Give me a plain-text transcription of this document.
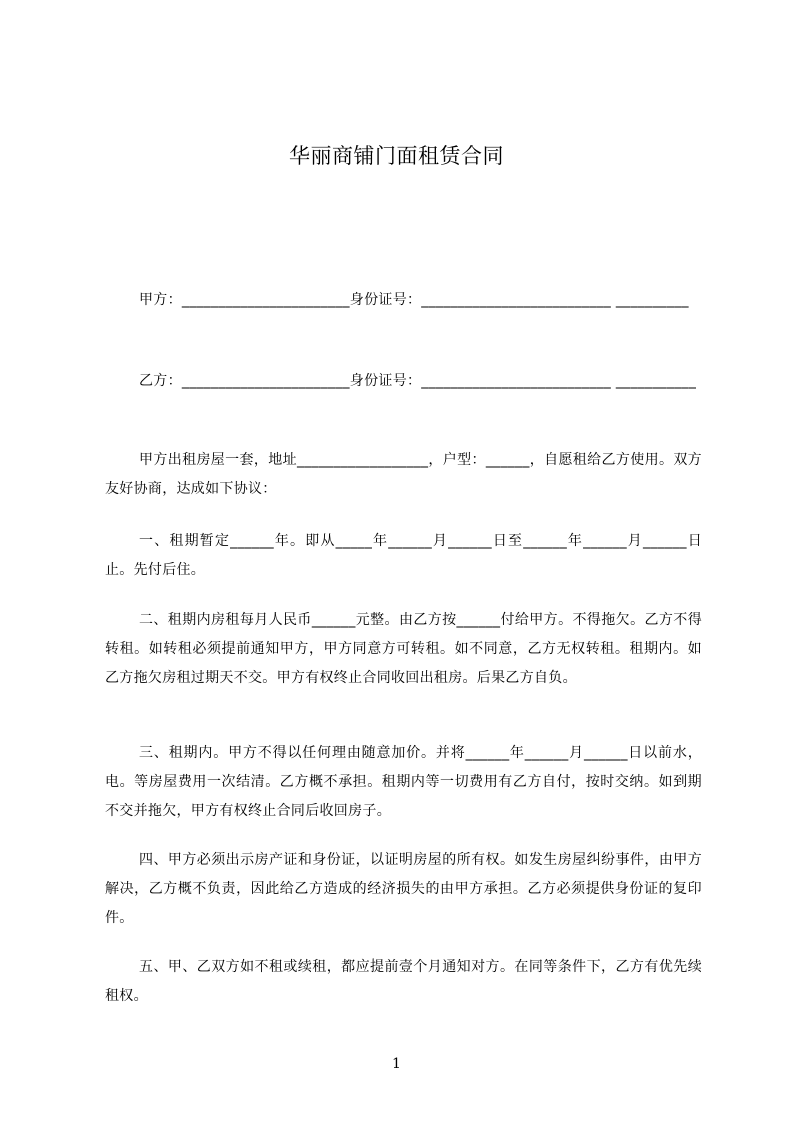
华丽商铺门面租赁合同

甲方：_______________________身份证号：__________________________ __________

乙方：_______________________身份证号：__________________________ ___________

甲方出租房屋一套，地址__________________，户型：______，自愿租给乙方使用。双方友好协商，达成如下协议：

一、租期暂定______年。即从_____年______月______日至______年______月______日止。先付后住。

二、租期内房租每月人民币______元整。由乙方按______付给甲方。不得拖欠。乙方不得转租。如转租必须提前通知甲方，甲方同意方可转租。如不同意，乙方无权转租。租期内。如乙方拖欠房租过期天不交。甲方有权终止合同收回出租房。后果乙方自负。

三、租期内。甲方不得以任何理由随意加价。并将______年______月______日以前水，电。等房屋费用一次结清。乙方概不承担。租期内等一切费用有乙方自付，按时交纳。如到期不交并拖欠，甲方有权终止合同后收回房子。

四、甲方必须出示房产证和身份证，以证明房屋的所有权。如发生房屋纠纷事件，由甲方解决，乙方概不负责，因此给乙方造成的经济损失的由甲方承担。乙方必须提供身份证的复印件。

五、甲、乙双方如不租或续租，都应提前壹个月通知对方。在同等条件下，乙方有优先续租权。

1
